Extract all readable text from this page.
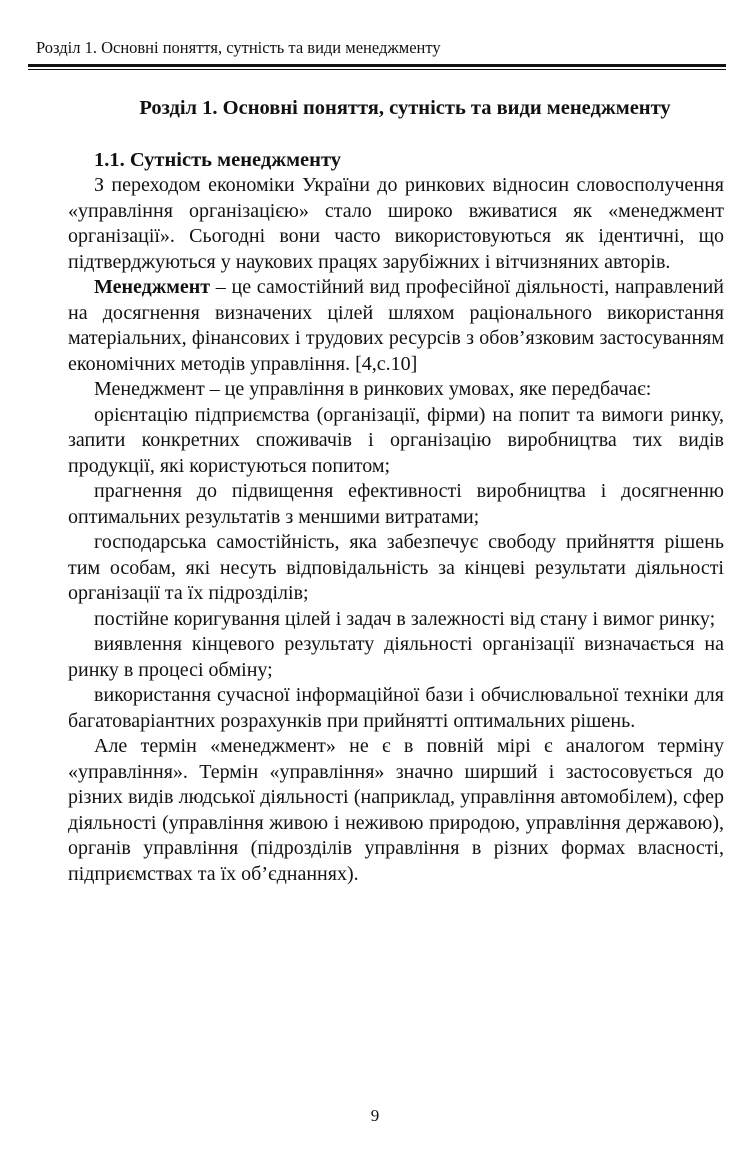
Розділ 1. Основні поняття, сутність та види менеджменту
Розділ 1. Основні поняття, сутність та види менеджменту
1.1. Сутність менеджменту

З переходом економіки України до ринкових відносин словосполучення «управління організацією» стало широко вживатися як «менеджмент організації». Сьогодні вони часто використовуються як ідентичні, що підтверджуються у наукових працях зарубіжних і вітчизняних авторів.

Менеджмент – це самостійний вид професійної діяльності, направлений на досягнення визначених цілей шляхом раціонального використання матеріальних, фінансових і трудових ресурсів з обов’язковим застосуванням економічних методів управління. [4,с.10]

Менеджмент – це управління в ринкових умовах, яке передбачає:

орієнтацію підприємства (організації, фірми) на попит та вимоги ринку, запити конкретних споживачів і організацію виробництва тих видів продукції, які користуються попитом;

прагнення до підвищення ефективності виробництва і досягненню оптимальних результатів з меншими витратами;

господарська самостійність, яка забезпечує свободу прийняття рішень тим особам, які несуть відповідальність за кінцеві результати діяльності організації та їх підрозділів;

постійне коригування цілей і задач в залежності від стану і вимог ринку;

виявлення кінцевого результату діяльності організації визначається на ринку в процесі обміну;

використання сучасної інформаційної бази і обчислювальної техніки для багатоваріантних розрахунків при прийнятті оптимальних рішень.

Але термін «менеджмент» не є в повній мірі є аналогом терміну «управління». Термін «управління» значно ширший і застосовується до різних видів людської діяльності (наприклад, управління автомобілем), сфер діяльності (управління живою і неживою природою, управління державою), органів управління (підрозділів управління в різних формах власності, підприємствах та їх об’єднаннях).

9
